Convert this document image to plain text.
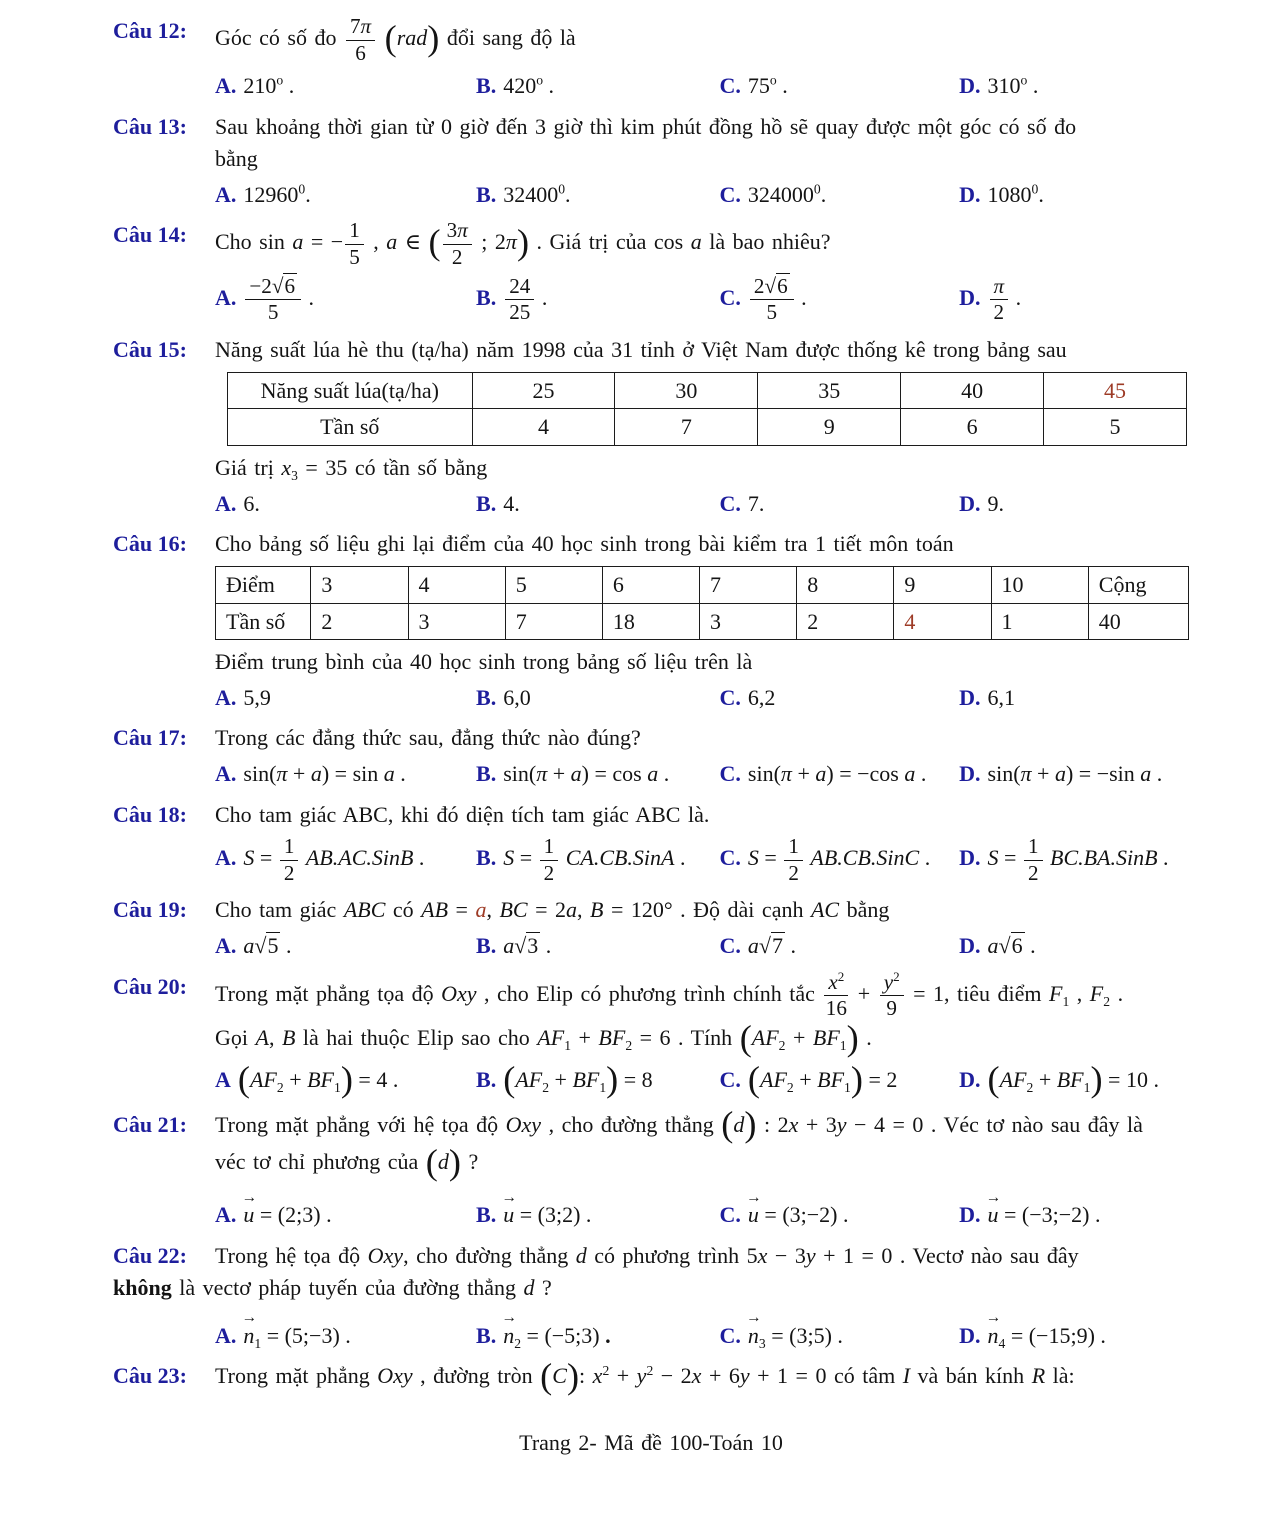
Câu 12: Góc có số đo $\frac{7\pi}{6} (rad)$ đổi sang độ là
A. 210$^o$ .	B. 420$^o$ .	C. 75$^o$ .	D. 310$^o$ .
Câu 13: Sau khoảng thời gian từ 0 giờ đến 3 giờ thì kim phút đồng hồ sẽ quay được một góc có số đo
bằng
A. 12960$^0$.	B. 32400$^0$.	C. 324000$^0$.	D. 1080$^0$.
Câu 14: Cho sin a = − $\frac{1}{5}$ , a ∈ ( $\frac{3\pi}{2}$ ; 2π) . Giá trị của cos a là bao nhiêu?
A. $\frac{-2√6}{5}$ .	B. $\frac{24}{25}$ .	C. $\frac{2√6}{5}$ .	D. $\frac{\pi}{2}$ .
Câu 15: Năng suất lúa hè thu (tạ/ha) năm 1998 của 31 tỉnh ở Việt Nam được thống kê trong bảng sau
Năng suất lúa(tạ/ha)	25	30	35	40	45
Tần số	4	7	9	6	5
Giá trị $x_3 = 35$ có tần số bằng
A. 6.	B. 4.	C. 7.	D. 9.
Câu 16: Cho bảng số liệu ghi lại điểm của 40 học sinh trong bài kiểm tra 1 tiết môn toán
Điểm	3	4	5	6	7	8	9	10	Cộng
Tần số	2	3	7	18	3	2	4	1	40
Điểm trung bình của 40 học sinh trong bảng số liệu trên là
A. 5,9	B. 6,0	C. 6,2	D. 6,1
Câu 17: Trong các đẳng thức sau, đẳng thức nào đúng?
A. sin(π + a) = sin a .	B. sin(π + a) = cos a .	C. sin(π + a) = −cos a .	D. sin(π + a) = −sin a .
Câu 18: Cho tam giác ABC, khi đó diện tích tam giác ABC là.
A. $S = \frac{1}{2}$ AB.AC.SinB .	B. $S = \frac{1}{2}$ CA.CB.SinA .	C. $S = \frac{1}{2}$ AB.CB.SinC .	D. $S = \frac{1}{2}$ BC.BA.SinB .
Câu 19: Cho tam giác ABC có AB = a, BC = 2a, B = 120° . Độ dài cạnh AC bằng
A. a√5 .	B. a√3 .	C. a√7 .	D. a√6 .
Câu 20: Trong mặt phẳng tọa độ Oxy , cho Elip có phương trình chính tắc $\frac{x^2}{16} + \frac{y^2}{9} = 1$, tiêu điểm $F_1$ , $F_2$ .
Gọi A, B là hai thuộc Elip sao cho $AF_1 + BF_2 = 6$ . Tính $(AF_2 + BF_1)$ .
A $(AF_2 + BF_1) = 4$ .	B. $(AF_2 + BF_1) = 8$	C. $(AF_2 + BF_1) = 2$	D. $(AF_2 + BF_1) = 10$ .
Câu 21: Trong mặt phẳng với hệ tọa độ Oxy , cho đường thẳng (d) : 2x + 3y − 4 = 0 . Véc tơ nào sau đây là
véc tơ chỉ phương của (d) ?
A. u → = (2;3) .	B. u → = (3;2) .	C. u → = (3;−2) .	D. u → = (−3;−2) .
Câu 22: Trong hệ tọa độ Oxy, cho đường thẳng d có phương trình 5x − 3y + 1 = 0 . Vectơ nào sau đây
không là vectơ pháp tuyến của đường thẳng d ?
A. $n \to_1$ = (5;−3) .	B. $n \to_2$ = (−5;3) .	C. $n \to_3$ = (3;5) .	D. $n \to_4$ = (−15;9) .
Câu 23: Trong mặt phẳng Oxy , đường tròn (C): $x^2 + y^2 - 2x + 6y + 1 = 0$ có tâm I và bán kính R là:
Trang 2- Mã đề 100-Toán 10
